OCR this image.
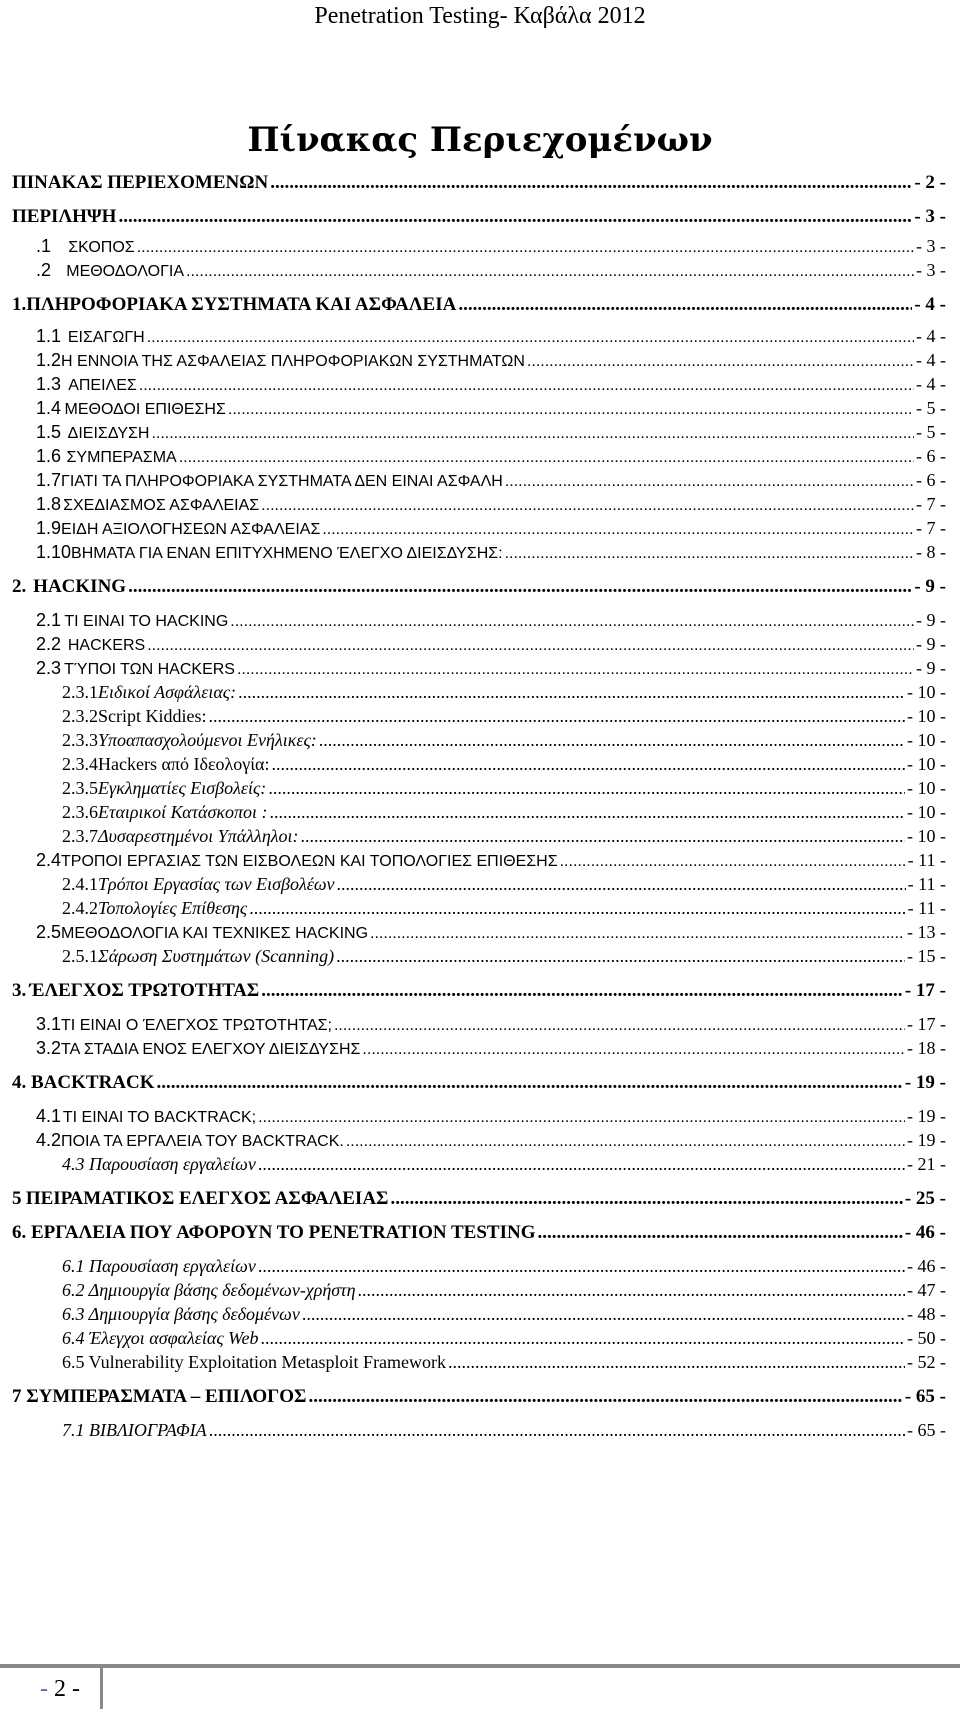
Penetration Testing- Καβάλα 2012
Πίνακας Περιεχομένων
ΠΙΝΑΚΑΣ ΠΕΡΙΕΧΟΜΕΝΩΝ .....	- 2 -
ΠΕΡΙΛΗΨΗ .....	- 3 -
.1	ΣΚΟΠΟΣ .....	- 3 -
.2 ΜΕΘΟΔΟΛΟΓΙΑ .....	- 3 -
1. ΠΛΗΡΟΦΟΡΙΑΚΑ ΣΥΣΤΗΜΑΤΑ ΚΑΙ ΑΣΦΑΛΕΙΑ .....	- 4 -
1.1 ΕΙΣΑΓΩΓΗ .....	- 4 -
1.2 Η ΕΝΝΟΙΑ ΤΗΣ ΑΣΦΑΛΕΙΑΣ ΠΛΗΡΟΦΟΡΙΑΚΩΝ ΣΥΣΤΗΜΑΤΩΝ .....	- 4 -
1.3 ΑΠΕΙΛΕΣ .....	- 4 -
1.4 ΜΕΘΟΔΟΙ ΕΠΙΘΕΣΗΣ .....	- 5 -
1.5 ΔΙΕΙΣΔΥΣΗ .....	- 5 -
1.6 ΣΥΜΠΕΡΑΣΜΑ .....	- 6 -
1.7 ΓΙΑΤΙ ΤΑ ΠΛΗΡΟΦΟΡΙΑΚΑ ΣΥΣΤΗΜΑΤΑ ΔΕΝ ΕΙΝΑΙ ΑΣΦΑΛΗ .....	- 6 -
1.8 ΣΧΕΔΙΑΣΜΟΣ ΑΣΦΑΛΕΙΑΣ .....	- 7 -
1.9 ΕΙΔΗ ΑΞΙΟΛΟΓΗΣΕΩΝ ΑΣΦΑΛΕΙΑΣ .....	- 7 -
1.10 ΒΗΜΑΤΑ ΓΙΑ ΕΝΑΝ ΕΠΙΤΥΧΗΜΕΝΟ ΈΛΕΓΧΟ ΔΙΕΙΣΔΥΣΗΣ: .....	- 8 -
2. HACKING .....	- 9 -
2.1 ΤΙ ΕΙΝΑΙ ΤΟ HACKING .....	- 9 -
2.2 HACKERS .....	- 9 -
2.3 ΤΎΠΟΙ ΤΩΝ HACKERS .....	- 9 -
2.3.1 Ειδικοί Ασφάλειας: .....	- 10 -
2.3.2 Script Kiddies: .....	- 10 -
2.3.3 Υποαπασχολούμενοι Ενήλικες: .....	- 10 -
2.3.4 Hackers από Ιδεολογία: .....	- 10 -
2.3.5 Εγκληματίες Εισβολείς: .....	- 10 -
2.3.6 Εταιρικοί Κατάσκοποι : .....	- 10 -
2.3.7 Δυσαρεστημένοι Υπάλληλοι: .....	- 10 -
2.4 ΤΡΟΠΟΙ ΕΡΓΑΣΙΑΣ ΤΩΝ ΕΙΣΒΟΛΕΩΝ ΚΑΙ ΤΟΠΟΛΟΓΙΕΣ ΕΠΙΘΕΣΗΣ .....	- 11 -
2.4.1 Τρόποι Εργασίας των Εισβολέων .....	- 11 -
2.4.2 Τοπολογίες Επίθεσης .....	- 11 -
2.5 ΜΕΘΟΔΟΛΟΓΙΑ ΚΑΙ ΤΕΧΝΙΚΕΣ HACKING .....	- 13 -
2.5.1 Σάρωση Συστημάτων (Scanning) .....	- 15 -
3. ΈΛΕΓΧΟΣ ΤΡΩΤΟΤΗΤΑΣ .....	- 17 -
3.1 ΤΙ ΕΙΝΑΙ Ο ΈΛΕΓΧΟΣ ΤΡΩΤΟΤΗΤΑΣ; .....	- 17 -
3.2 ΤΑ ΣΤΑΔΙΑ ΕΝΟΣ ΕΛΕΓΧΟΥ ΔΙΕΙΣΔΥΣΗΣ .....	- 18 -
4. BACKTRACK .....	- 19 -
4.1 ΤΙ ΕΙΝΑΙ ΤΟ BACKTRACK; .....	- 19 -
4.2 ΠΟΙΑ ΤΑ ΕΡΓΑΛΕΙΑ ΤΟΥ BACKTRACK. .....	- 19 -
4.3 Παρουσίαση εργαλείων .....	- 21 -
5 ΠΕΙΡΑΜΑΤΙΚΟΣ ΕΛΕΓΧΟΣ ΑΣΦΑΛΕΙΑΣ .....	- 25 -
6. ΕΡΓΑΛΕΙΑ ΠΟΥ ΑΦΟΡΟΥΝ ΤΟ PENETRATION TESTING .....	- 46 -
6.1 Παρουσίαση εργαλείων .....	- 46 -
6.2 Δημιουργία βάσης δεδομένων-χρήστη .....	- 47 -
6.3 Δημιουργία βάσης δεδομένων .....	- 48 -
6.4 Έλεγχοι ασφαλείας Web .....	- 50 -
6.5 Vulnerability Exploitation Metasploit Framework .....	- 52 -
7 ΣΥΜΠΕΡΑΣΜΑΤΑ – ΕΠΙΛΟΓΟΣ .....	- 65 -
7.1 ΒΙΒΛΙΟΓΡΑΦΙΑ .....	- 65 -
- 2 -
